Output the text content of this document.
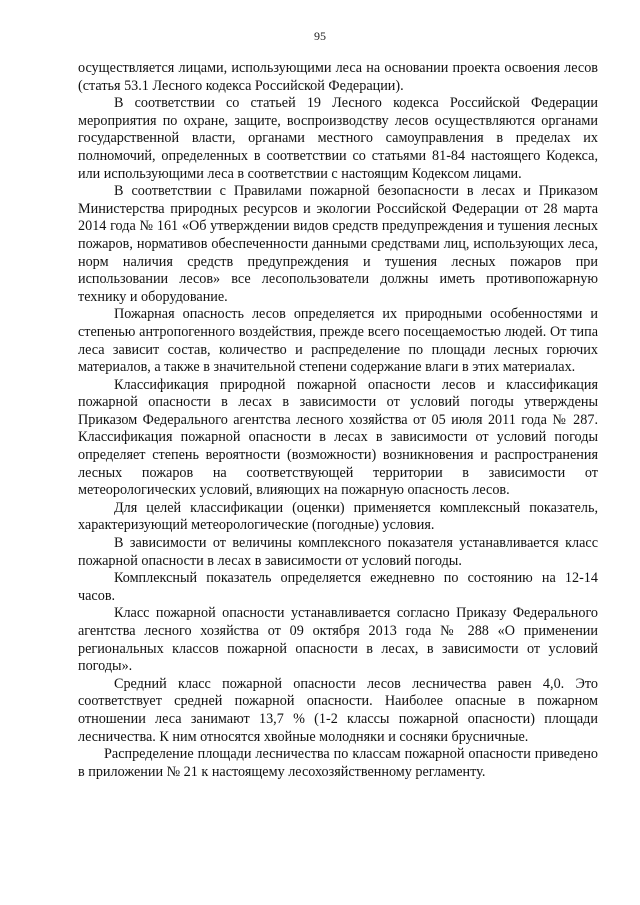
95

осуществляется лицами, использующими леса на основании проекта освоения лесов (статья 53.1 Лесного кодекса Российской Федерации).

В соответствии со статьей 19 Лесного кодекса Российской Федерации мероприятия по охране, защите, воспроизводству лесов осуществляются органами государственной власти, органами местного самоуправления в пределах их полномочий, определенных в соответствии со статьями 81-84 настоящего Кодекса, или использующими леса в соответствии с настоящим Кодексом лицами.

В соответствии с Правилами пожарной безопасности в лесах и Приказом Министерства природных ресурсов и экологии Российской Федерации от 28 марта 2014 года № 161 «Об утверждении видов средств предупреждения и тушения лесных пожаров, нормативов обеспеченности данными средствами лиц, использующих леса, норм наличия средств предупреждения и тушения лесных пожаров при использовании лесов» все лесопользователи должны иметь противопожарную технику и оборудование.

Пожарная опасность лесов определяется их природными особенностями и степенью антропогенного воздействия, прежде всего посещаемостью людей. От типа леса зависит состав, количество и распределение по площади лесных горючих материалов, а также в значительной степени содержание влаги в этих материалах.

Классификация природной пожарной опасности лесов и классификация пожарной опасности в лесах в зависимости от условий погоды утверждены Приказом Федерального агентства лесного хозяйства от 05 июля 2011 года № 287. Классификация пожарной опасности в лесах в зависимости от условий погоды определяет степень вероятности (возможности) возникновения и распространения лесных пожаров на соответствующей территории в зависимости от метеорологических условий, влияющих на пожарную опасность лесов.

Для целей классификации (оценки) применяется комплексный показатель, характеризующий метеорологические (погодные) условия.

В зависимости от величины комплексного показателя устанавливается класс пожарной опасности в лесах в зависимости от условий погоды.

Комплексный показатель определяется ежедневно по состоянию на 12-14 часов.

Класс пожарной опасности устанавливается согласно Приказу Федерального агентства лесного хозяйства от 09 октября 2013 года № 288 «О применении региональных классов пожарной опасности в лесах, в зависимости от условий погоды».

Средний класс пожарной опасности лесов лесничества равен 4,0. Это соответствует средней пожарной опасности. Наиболее опасные в пожарном отношении леса занимают 13,7 % (1-2 классы пожарной опасности) площади лесничества. К ним относятся хвойные молодняки и сосняки брусничные.

Распределение площади лесничества по классам пожарной опасности приведено в приложении № 21 к настоящему лесохозяйственному регламенту.
